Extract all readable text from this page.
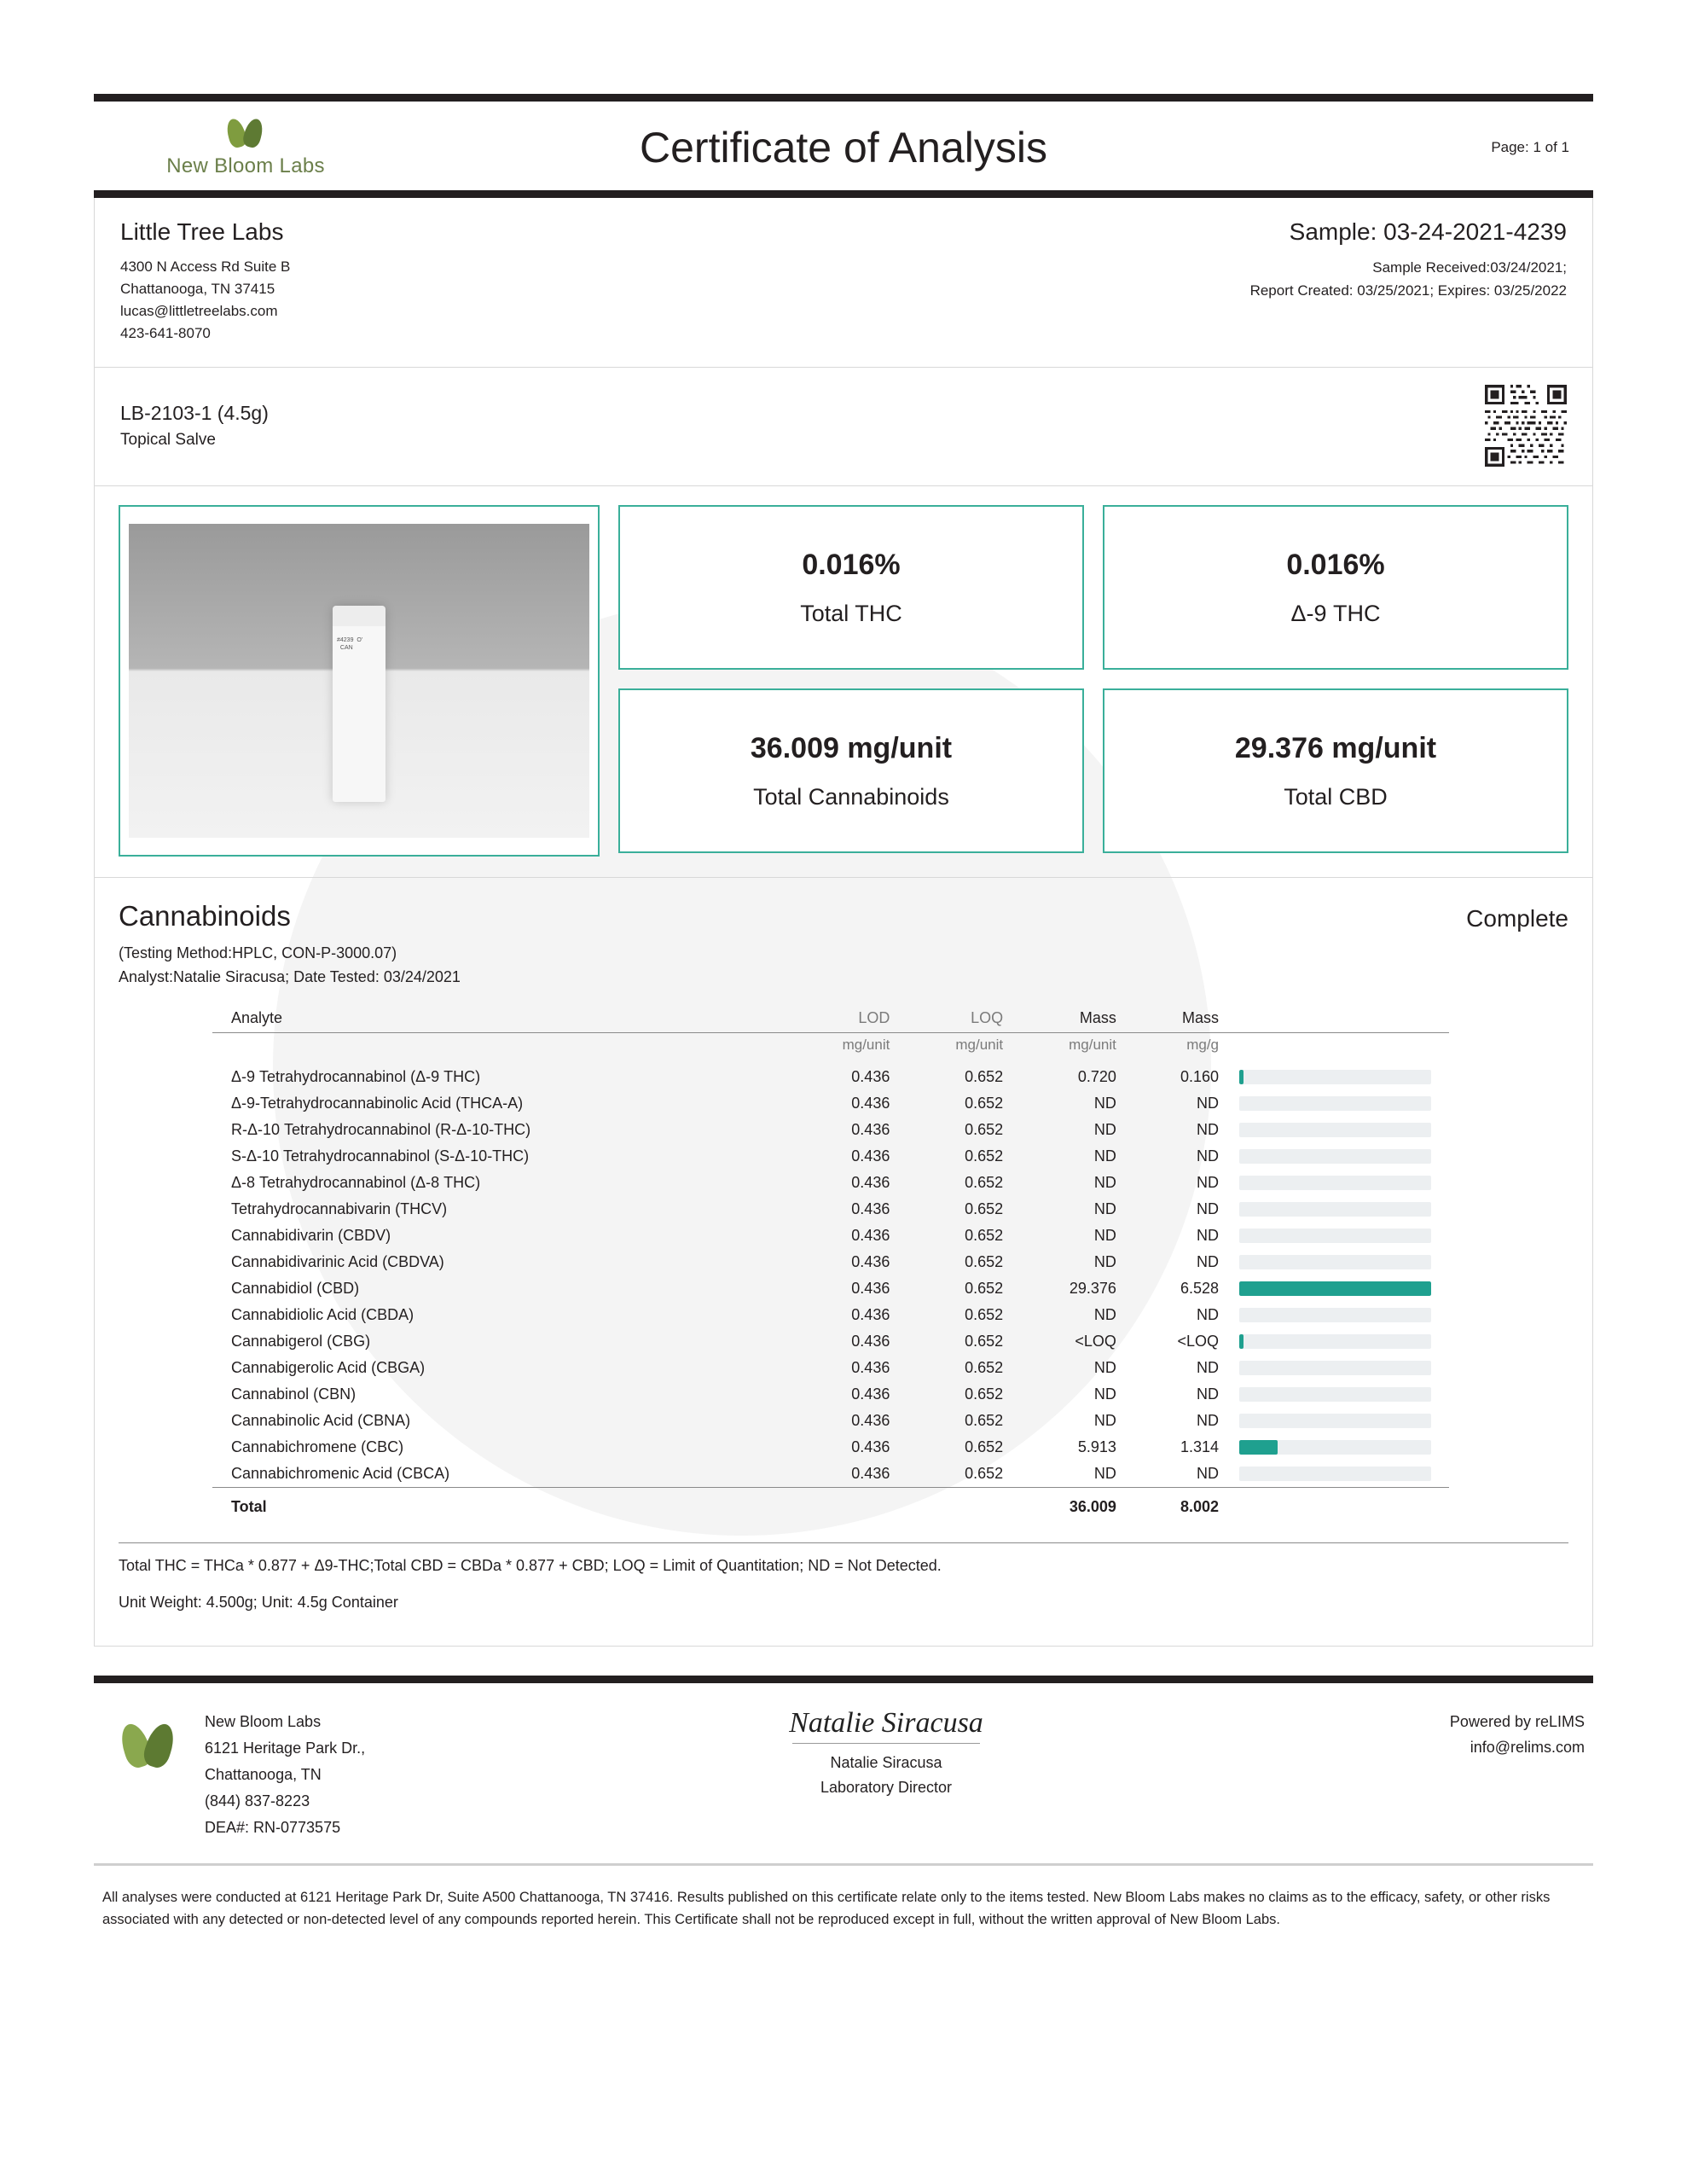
New Bloom Labs	Certificate of Analysis	Page: 1 of 1
Little Tree Labs
4300 N Access Rd Suite B
Chattanooga, TN 37415
lucas@littletreelabs.com
423-641-8070
Sample: 03-24-2021-4239
Sample Received:03/24/2021;
Report Created: 03/25/2021; Expires: 03/25/2022
LB-2103-1 (4.5g)
Topical Salve
#4239  O'
CAN
0.016%
Total THC
0.016%
Δ-9 THC
36.009 mg/unit
Total Cannabinoids
29.376 mg/unit
Total CBD
Cannabinoids	Complete
(Testing Method:HPLC, CON-P-3000.07)
Analyst:Natalie Siracusa; Date Tested: 03/24/2021
Analyte	LOD	LOQ	Mass	Mass	
	mg/unit	mg/unit	mg/unit	mg/g	
Δ-9 Tetrahydrocannabinol (Δ-9 THC)	0.436	0.652	0.720	0.160	

Δ-9-Tetrahydrocannabinolic Acid (THCA-A)	0.436	0.652	ND	ND	

R-Δ-10 Tetrahydrocannabinol (R-Δ-10-THC)	0.436	0.652	ND	ND	

S-Δ-10 Tetrahydrocannabinol (S-Δ-10-THC)	0.436	0.652	ND	ND	

Δ-8 Tetrahydrocannabinol (Δ-8 THC)	0.436	0.652	ND	ND	

Tetrahydrocannabivarin (THCV)	0.436	0.652	ND	ND	

Cannabidivarin (CBDV)	0.436	0.652	ND	ND	

Cannabidivarinic Acid (CBDVA)	0.436	0.652	ND	ND	

Cannabidiol (CBD)	0.436	0.652	29.376	6.528	

Cannabidiolic Acid (CBDA)	0.436	0.652	ND	ND	

Cannabigerol (CBG)	0.436	0.652	<LOQ	<LOQ	

Cannabigerolic Acid (CBGA)	0.436	0.652	ND	ND	

Cannabinol (CBN)	0.436	0.652	ND	ND	

Cannabinolic Acid (CBNA)	0.436	0.652	ND	ND	

Cannabichromene (CBC)	0.436	0.652	5.913	1.314	

Cannabichromenic Acid (CBCA)	0.436	0.652	ND	ND	

Total			36.009	8.002	
Total THC = THCa * 0.877 + Δ9-THC;Total CBD = CBDa * 0.877 + CBD; LOQ = Limit of Quantitation; ND = Not Detected.
Unit Weight: 4.500g; Unit: 4.5g Container
New Bloom Labs
6121 Heritage Park Dr.,
Chattanooga, TN
(844) 837-8223
DEA#: RN-0773575
Natalie Siracusa
Natalie Siracusa
Laboratory Director
Powered by reLIMS
info@relims.com
All analyses were conducted at 6121 Heritage Park Dr, Suite A500 Chattanooga, TN 37416. Results published on this certificate relate only to the items tested. New Bloom Labs makes no claims as to the efficacy, safety, or other risks associated with any detected or non-detected level of any compounds reported herein. This Certificate shall not be reproduced except in full, without the written approval of New Bloom Labs.
